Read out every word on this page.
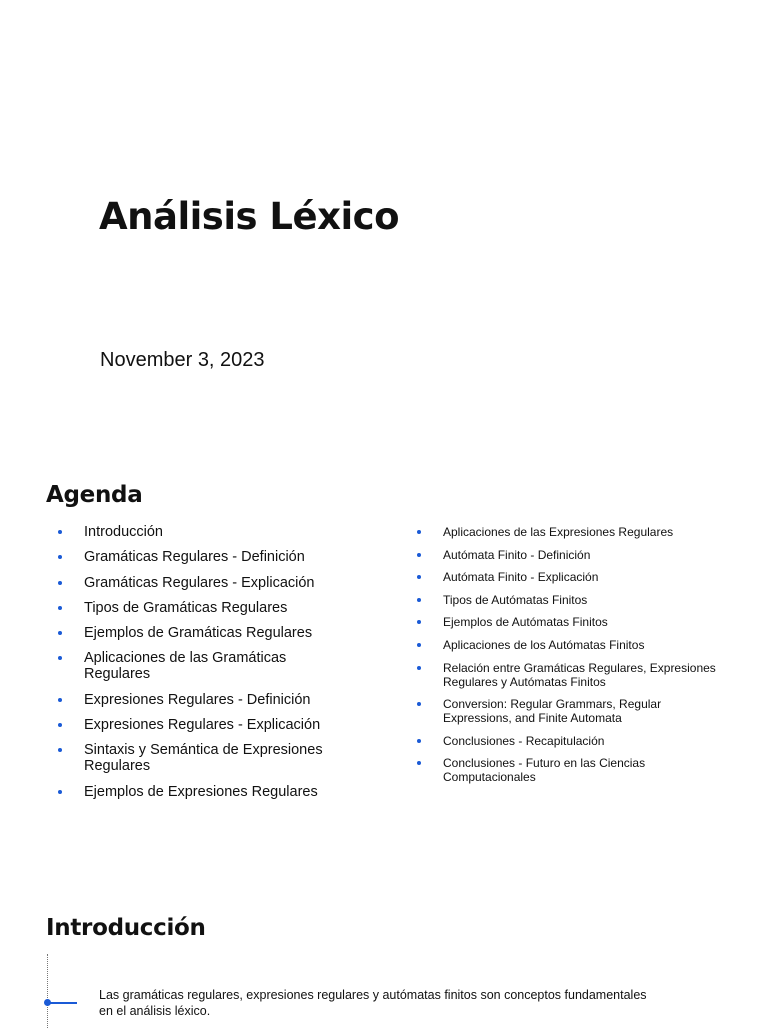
Análisis Léxico

November 3, 2023

Agenda
Introducción
Gramáticas Regulares - Definición
Gramáticas Regulares - Explicación
Tipos de Gramáticas Regulares
Ejemplos de Gramáticas Regulares
Aplicaciones de las Gramáticas Regulares
Expresiones Regulares - Definición
Expresiones Regulares - Explicación
Sintaxis y Semántica de Expresiones Regulares
Ejemplos de Expresiones Regulares
Aplicaciones de las Expresiones Regulares
Autómata Finito - Definición
Autómata Finito - Explicación
Tipos de Autómatas Finitos
Ejemplos de Autómatas Finitos
Aplicaciones de los Autómatas Finitos
Relación entre Gramáticas Regulares, Expresiones Regulares y Autómatas Finitos
Conversion: Regular Grammars, Regular Expressions, and Finite Automata
Conclusiones - Recapitulación
Conclusiones - Futuro en las Ciencias Computacionales
Introducción

Las gramáticas regulares, expresiones regulares y autómatas finitos son conceptos fundamentales en el análisis léxico.
